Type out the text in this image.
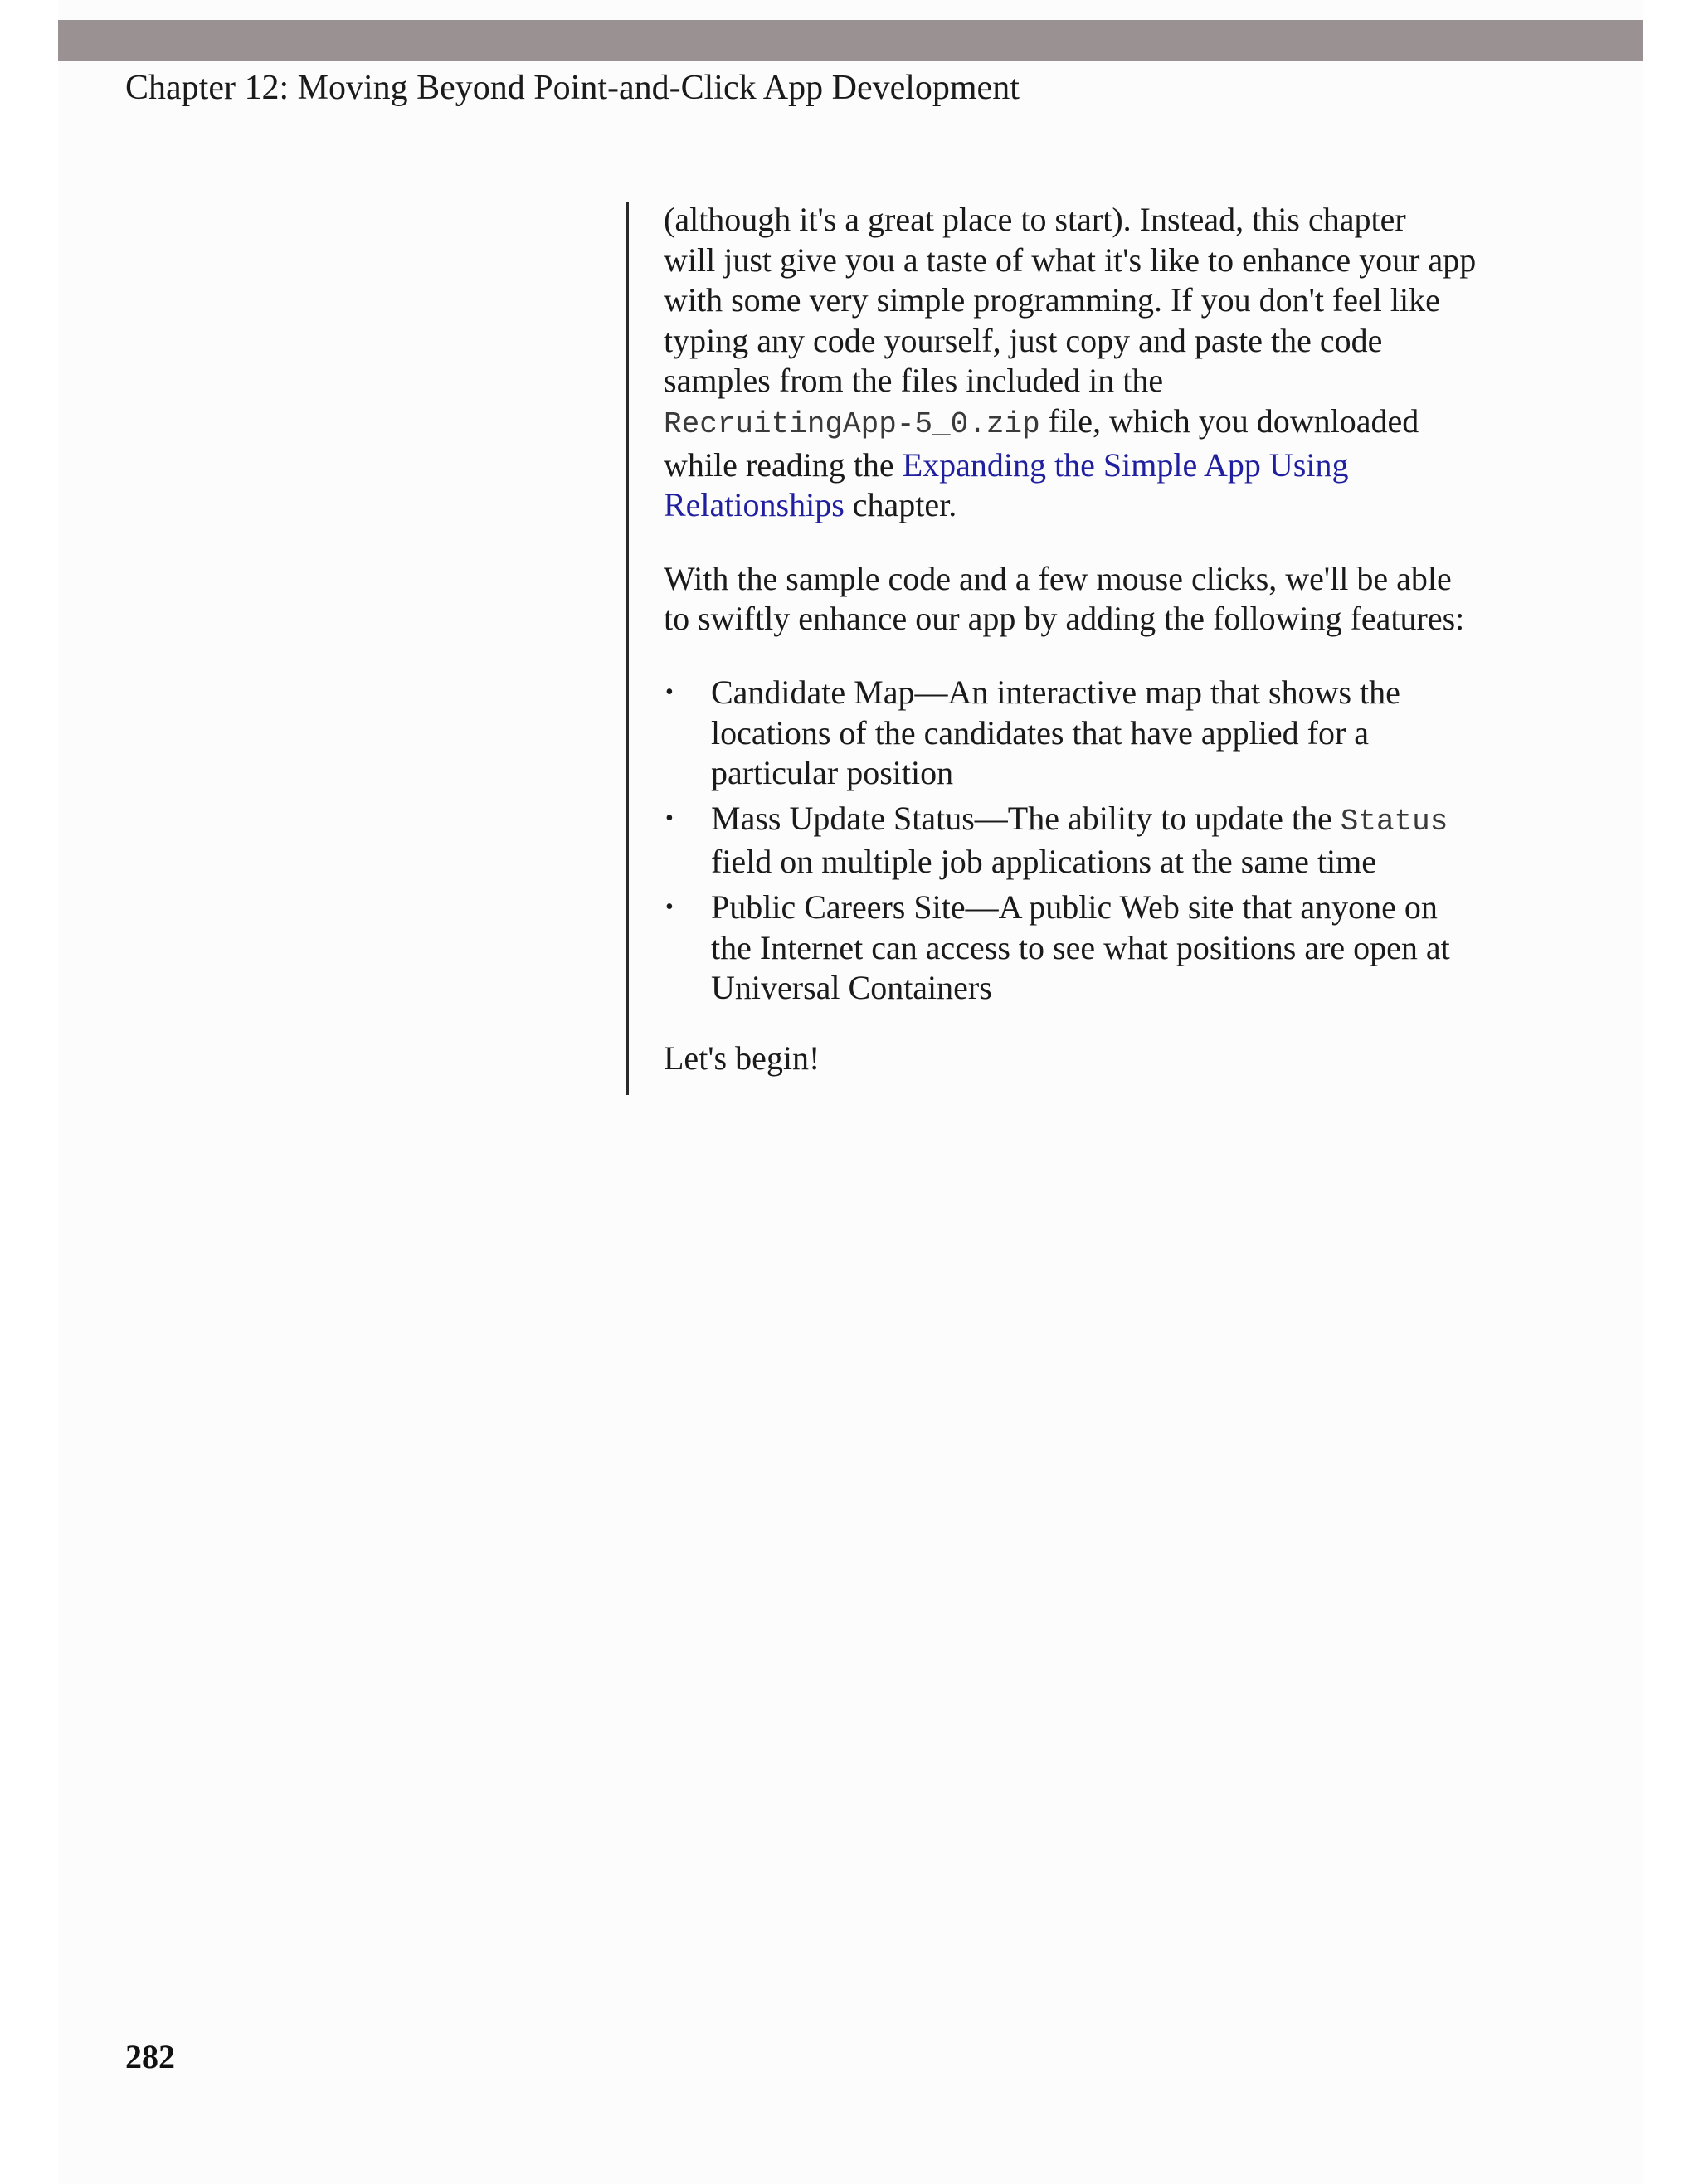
Chapter 12: Moving Beyond Point-and-Click App Development

(although it's a great place to start). Instead, this chapter
will just give you a taste of what it's like to enhance your app
with some very simple programming. If you don't feel like
typing any code yourself, just copy and paste the code
samples from the files included in the
RecruitingApp-5_0.zip file, which you downloaded
while reading the Expanding the Simple App Using
Relationships chapter.

With the sample code and a few mouse clicks, we'll be able
to swiftly enhance our app by adding the following features:

• Candidate Map—An interactive map that shows the
locations of the candidates that have applied for a
particular position
• Mass Update Status—The ability to update the Status
field on multiple job applications at the same time
• Public Careers Site—A public Web site that anyone on
the Internet can access to see what positions are open at
Universal Containers

Let's begin!

282
